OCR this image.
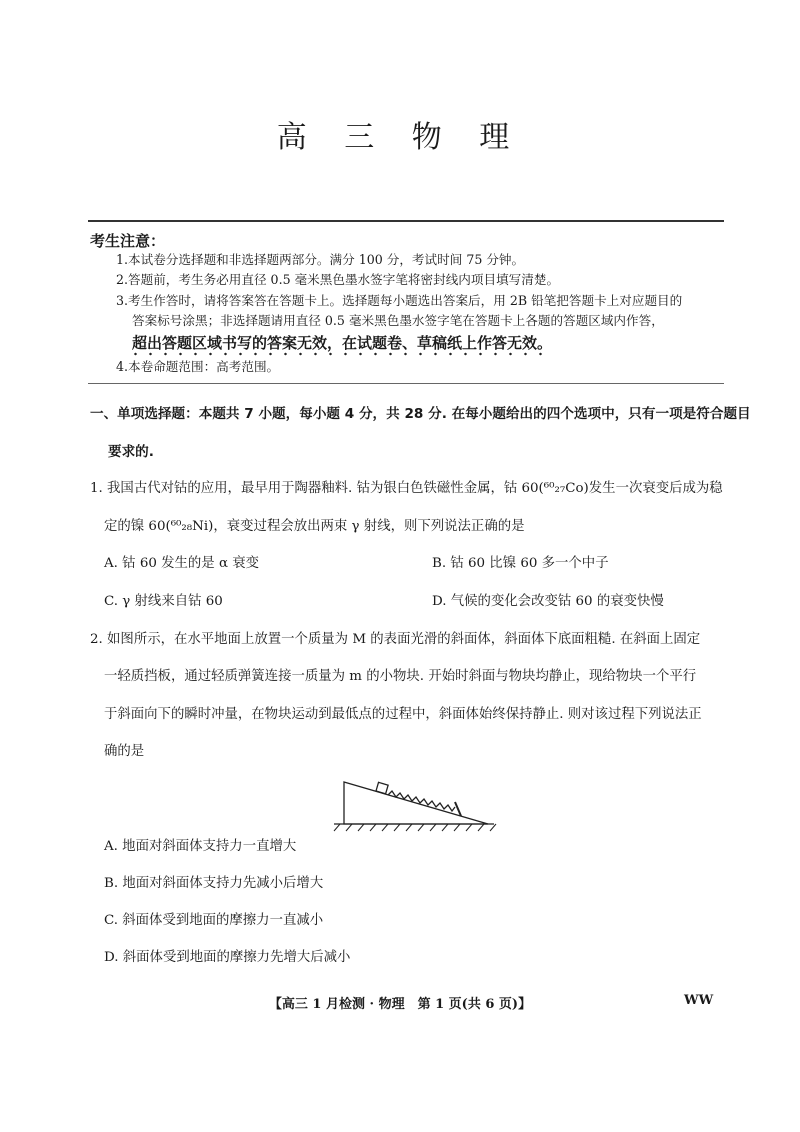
高 三 物 理
考生注意：
1.本试卷分选择题和非选择题两部分。满分 100 分，考试时间 75 分钟。
2.答题前，考生务必用直径 0.5 毫米黑色墨水签字笔将密封线内项目填写清楚。
3.考生作答时，请将答案答在答题卡上。选择题每小题选出答案后，用 2B 铅笔把答题卡上对应题目的
答案标号涂黑；非选择题请用直径 0.5 毫米黑色墨水签字笔在答题卡上各题的答题区域内作答，
超出答题区域书写的答案无效，在试题卷、草稿纸上作答无效。
4.本卷命题范围：高考范围。
一、单项选择题：本题共 7 小题，每小题 4 分，共 28 分. 在每小题给出的四个选项中，只有一项是符合题目
要求的.
1. 我国古代对钴的应用，最早用于陶器釉料. 钴为银白色铁磁性金属，钴 60(⁶⁰₂₇Co)发生一次衰变后成为稳
定的镍 60(⁶⁰₂₈Ni)，衰变过程会放出两束 γ 射线，则下列说法正确的是
A. 钴 60 发生的是 α 衰变	B. 钴 60 比镍 60 多一个中子
C. γ 射线来自钴 60	D. 气候的变化会改变钴 60 的衰变快慢
2. 如图所示，在水平地面上放置一个质量为 M 的表面光滑的斜面体，斜面体下底面粗糙. 在斜面上固定
一轻质挡板，通过轻质弹簧连接一质量为 m 的小物块. 开始时斜面与物块均静止，现给物块一个平行
于斜面向下的瞬时冲量，在物块运动到最低点的过程中，斜面体始终保持静止. 则对该过程下列说法正
确的是
A. 地面对斜面体支持力一直增大
B. 地面对斜面体支持力先减小后增大
C. 斜面体受到地面的摩擦力一直减小
D. 斜面体受到地面的摩擦力先增大后减小
【高三 1 月检测 · 物理　第 1 页(共 6 页)】	WW
